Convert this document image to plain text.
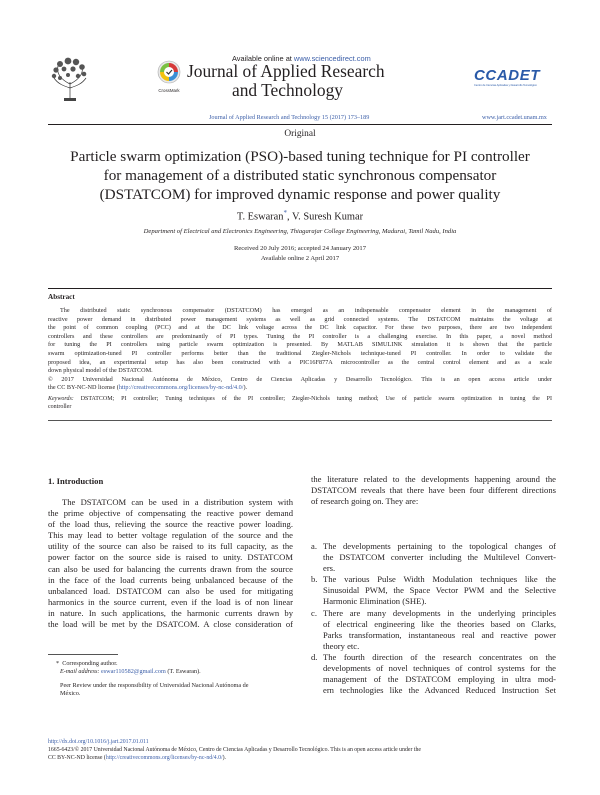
Available online at www.sciencedirect.com
CrossMark
Journal of Applied Research
and Technology
CCADET
Centro de Ciencias Aplicadas y Desarrollo Tecnológico
Journal of Applied Research and Technology 15 (2017) 173–189	www.jart.ccadet.unam.mx
Original
Particle swarm optimization (PSO)-based tuning technique for PI controller
for management of a distributed static synchronous compensator
(DSTATCOM) for improved dynamic response and power quality
T. Eswaran*, V. Suresh Kumar
Department of Electrical and Electronics Engineering, Thiagarajar College Engineering, Madurai, Tamil Nadu, India
Received 20 July 2016; accepted 24 January 2017
Available online 2 April 2017
Abstract
The distributed static synchronous compensator (DSTATCOM) has emerged as an indispensable compensator element in the management of
reactive power demand in distributed power management systems as well as grid connected systems. The DSTATCOM maintains the voltage at
the point of common coupling (PCC) and at the DC link voltage across the DC link capacitor. For these two purposes, there are two independent
controllers and these controllers are predominantly of PI types. Tuning the PI controller is a challenging exercise. In this paper, a novel method
for tuning the PI controllers using particle swarm optimization is presented. By MATLAB SIMULINK simulation it is shown that the particle
swarm optimization-tuned PI controller performs better than the traditional Ziegler-Nichols technique-tuned PI controller. In order to validate the
proposed idea, an experimental setup has also been constructed with a PIC16F877A microcontroller as the central control element and as a scale
down physical model of the DSTATCOM.
© 2017 Universidad Nacional Autónoma de México, Centro de Ciencias Aplicadas y Desarrollo Tecnológico. This is an open access article under
the CC BY-NC-ND license (http://creativecommons.org/licenses/by-nc-nd/4.0/).
Keywords: DSTATCOM; PI controller; Tuning techniques of the PI controller; Ziegler-Nichols tuning method; Use of particle swarm optimization in tuning the PI
controller
1. Introduction
The DSTATCOM can be used in a distribution system with
the prime objective of compensating the reactive power demand
of the load thus, relieving the source the reactive power loading.
This may lead to better voltage regulation of the source and the
utility of the source can also be raised to its full capacity, as the
power factor on the source side is raised to unity. DSTATCOM
can also be used for balancing the currents drawn from the source
in the face of the load currents being unbalanced because of the
unbalanced load. DSTATCOM can also be used for mitigating
harmonics in the source current, even if the load is of non linear
in nature. In such applications, the harmonic currents drawn by
the load will be met by the DSATCOM. A close consideration of
* Corresponding author.
E-mail address: eswar110582@gmail.com (T. Eswaran).
Peer Review under the responsibility of Universidad Nacional Autónoma de
México.
the literature related to the developments happening around the
DSTATCOM reveals that there have been four different directions
of research going on. They are:
a. The developments pertaining to the topological changes of
the DSTATCOM converter including the Multilevel Convert-
ers.
b. The various Pulse Width Modulation techniques like the
Sinusoidal PWM, the Space Vector PWM and the Selective
Harmonic Elimination (SHE).
c. There are many developments in the underlying principles
of electrical engineering like the theories based on Clarks,
Parks transformation, instantaneous real and reactive power
theory etc.
d. The fourth direction of the research concentrates on the
developments of novel techniques of control systems for the
management of the DSTATCOM employing in ultra mod-
ern technologies like the Advanced Reduced Instruction Set
http://dx.doi.org/10.1016/j.jart.2017.01.011
1665-6423/© 2017 Universidad Nacional Autónoma de México, Centro de Ciencias Aplicadas y Desarrollo Tecnológico. This is an open access article under the
CC BY-NC-ND license (http://creativecommons.org/licenses/by-nc-nd/4.0/).
